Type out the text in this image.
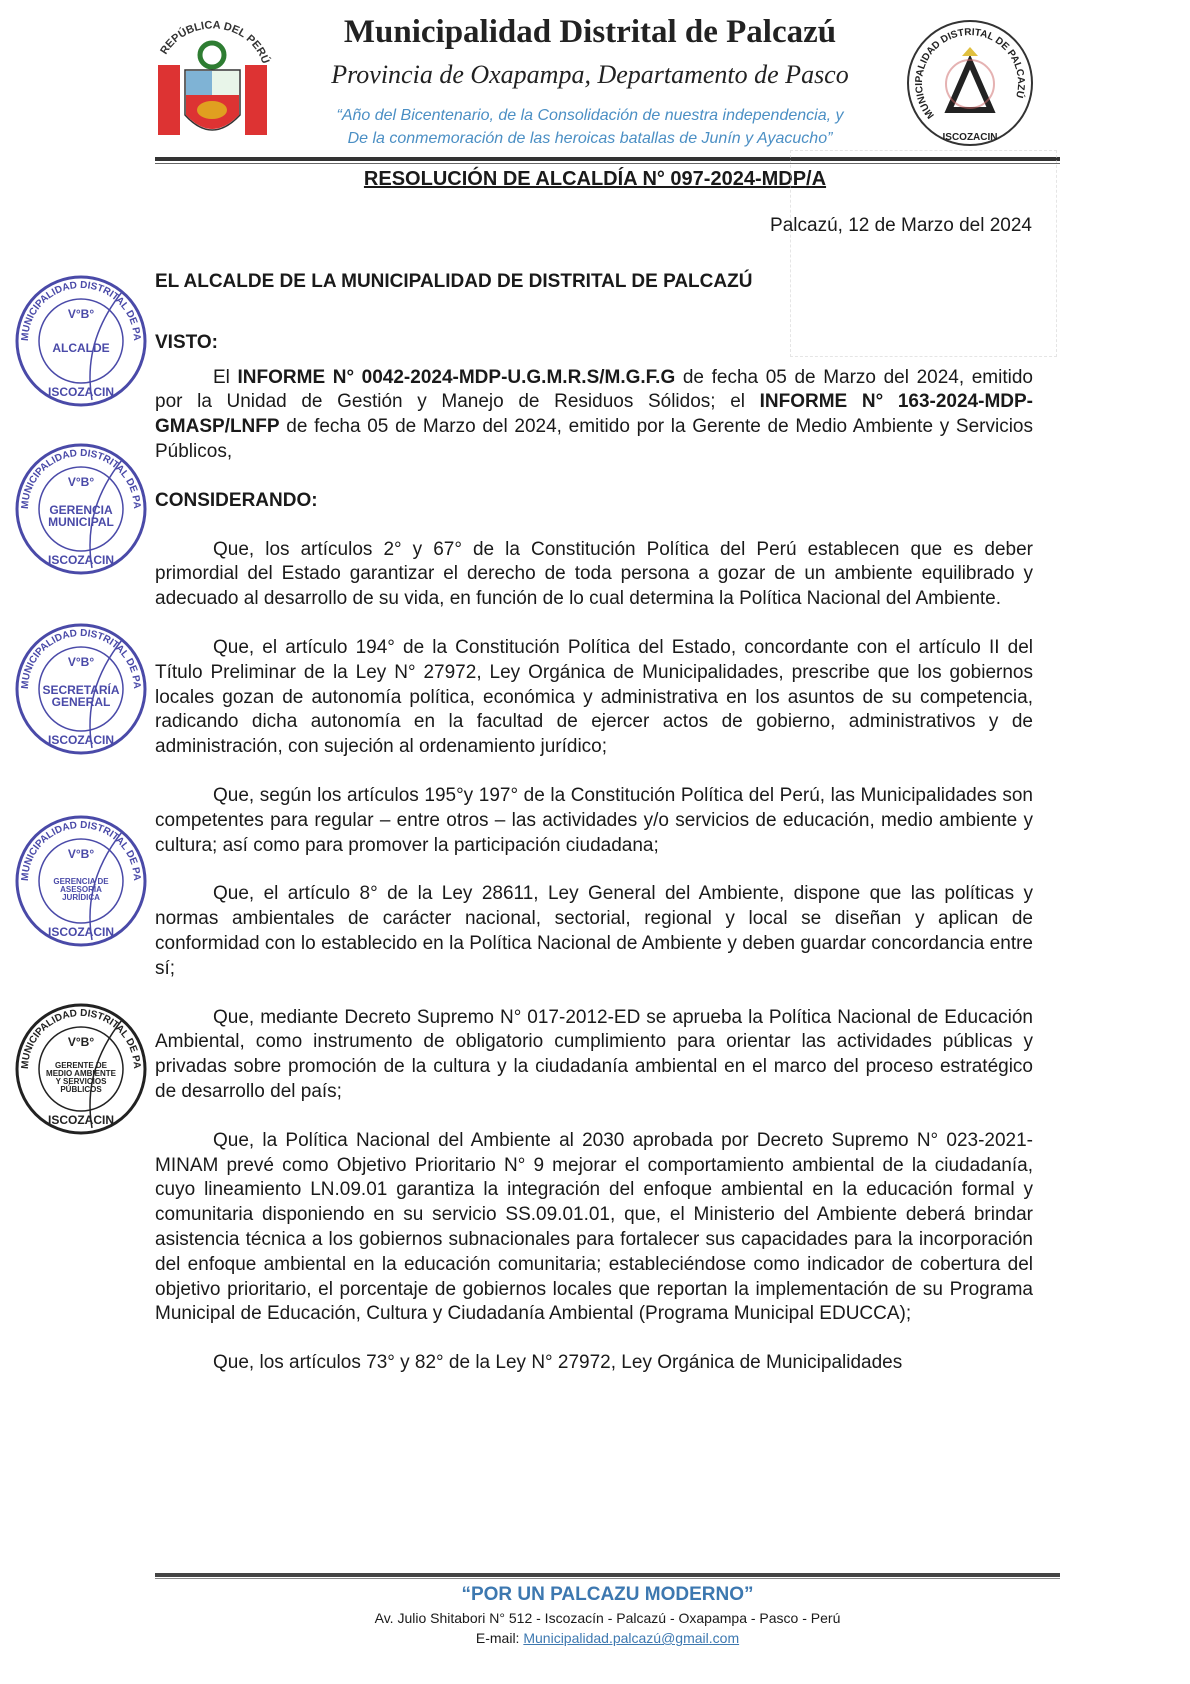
REPÚBLICA DEL PERÚ
Municipalidad Distrital de Palcazú
Provincia de Oxapampa, Departamento de Pasco
“Año del Bicentenario, de la Consolidación de nuestra independencia, y
De la conmemoración de las heroicas batallas de Junín y Ayacucho”	ISCOZACIN
MUNICIPALIDAD DISTRITAL DE PALCAZÚ
RESOLUCIÓN DE ALCALDÍA N° 097-2024-MDP/A
Palcazú, 12 de Marzo del 2024

EL ALCALDE DE LA MUNICIPALIDAD DE DISTRITAL DE PALCAZÚ

VISTO:

El INFORME N° 0042-2024-MDP-U.G.M.R.S/M.G.F.G de fecha 05 de Marzo del 2024, emitido por la Unidad de Gestión y Manejo de Residuos Sólidos; el INFORME N° 163-2024-MDP-GMASP/LNFP de fecha 05 de Marzo del 2024, emitido por la Gerente de Medio Ambiente y Servicios Públicos,

CONSIDERANDO:

Que, los artículos 2° y 67° de la Constitución Política del Perú establecen que es deber primordial del Estado garantizar el derecho de toda persona a gozar de un ambiente equilibrado y adecuado al desarrollo de su vida, en función de lo cual determina la Política Nacional del Ambiente.

Que, el artículo 194° de la Constitución Política del Estado, concordante con el artículo II del Título Preliminar de la Ley N° 27972, Ley Orgánica de Municipalidades, prescribe que los gobiernos locales gozan de autonomía política, económica y administrativa en los asuntos de su competencia, radicando dicha autonomía en la facultad de ejercer actos de gobierno, administrativos y de administración, con sujeción al ordenamiento jurídico;

Que, según los artículos 195°y 197° de la Constitución Política del Perú, las Municipalidades son competentes para regular – entre otros – las actividades y/o servicios de educación, medio ambiente y cultura; así como para promover la participación ciudadana;

Que, el artículo 8° de la Ley 28611, Ley General del Ambiente, dispone que las políticas y normas ambientales de carácter nacional, sectorial, regional y local se diseñan y aplican de conformidad con lo establecido en la Política Nacional de Ambiente y deben guardar concordancia entre sí;

Que, mediante Decreto Supremo N° 017-2012-ED se aprueba la Política Nacional de Educación Ambiental, como instrumento de obligatorio cumplimiento para orientar las actividades públicas y privadas sobre promoción de la cultura y la ciudadanía ambiental en el marco del proceso estratégico de desarrollo del país;

Que, la Política Nacional del Ambiente al 2030 aprobada por Decreto Supremo N° 023-2021-MINAM prevé como Objetivo Prioritario N° 9 mejorar el comportamiento ambiental de la ciudadanía, cuyo lineamiento LN.09.01 garantiza la integración del enfoque ambiental en la educación formal y comunitaria disponiendo en su servicio SS.09.01.01, que, el Ministerio del Ambiente deberá brindar asistencia técnica a los gobiernos subnacionales para fortalecer sus capacidades para la incorporación del enfoque ambiental en la educación comunitaria; estableciéndose como indicador de cobertura del objetivo prioritario, el porcentaje de gobiernos locales que reportan la implementación de su Programa Municipal de Educación, Cultura y Ciudadanía Ambiental (Programa Municipal EDUCCA);

Que, los artículos 73° y 82° de la Ley N° 27972, Ley Orgánica de Municipalidades

MUNICIPALIDAD DISTRITAL DE PA
V°B°
ALCALDE
ISCOZACIN
MUNICIPALIDAD DISTRITAL DE PA
V°B°
GERENCIA
MUNICIPAL
ISCOZACIN
MUNICIPALIDAD DISTRITAL DE PA
V°B°
SECRETARÍA
GENERAL
ISCOZACIN
MUNICIPALIDAD DISTRITAL DE PA
V°B°
GERENCIA DE
ASESORÍA
JURÍDICA
ISCOZACIN
MUNICIPALIDAD DISTRITAL DE PA
V°B°
GERENTE DE
MEDIO AMBIENTE
Y SERVICIOS
PÚBLICOS
ISCOZACIN
“POR UN PALCAZU MODERNO”
Av. Julio Shitabori N° 512 - Iscozacín - Palcazú - Oxapampa - Pasco - Perú
E-mail: Municipalidad.palcazú@gmail.com
